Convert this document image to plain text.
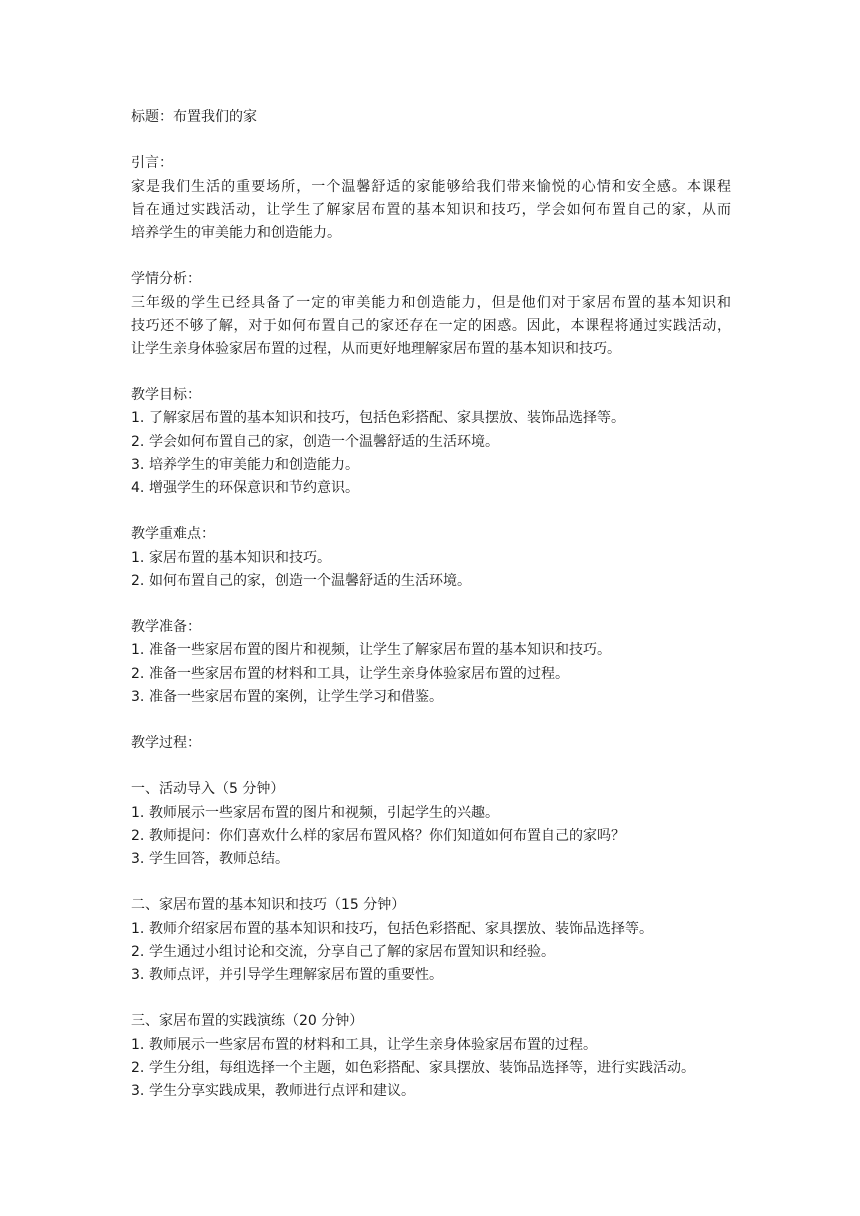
标题：布置我们的家
引言：
家是我们生活的重要场所，一个温馨舒适的家能够给我们带来愉悦的心情和安全感。本课程
旨在通过实践活动，让学生了解家居布置的基本知识和技巧，学会如何布置自己的家，从而
培养学生的审美能力和创造能力。
学情分析：
三年级的学生已经具备了一定的审美能力和创造能力，但是他们对于家居布置的基本知识和
技巧还不够了解，对于如何布置自己的家还存在一定的困惑。因此，本课程将通过实践活动，
让学生亲身体验家居布置的过程，从而更好地理解家居布置的基本知识和技巧。
教学目标：
1. 了解家居布置的基本知识和技巧，包括色彩搭配、家具摆放、装饰品选择等。
2. 学会如何布置自己的家，创造一个温馨舒适的生活环境。
3. 培养学生的审美能力和创造能力。
4. 增强学生的环保意识和节约意识。
教学重难点：
1. 家居布置的基本知识和技巧。
2. 如何布置自己的家，创造一个温馨舒适的生活环境。
教学准备：
1. 准备一些家居布置的图片和视频，让学生了解家居布置的基本知识和技巧。
2. 准备一些家居布置的材料和工具，让学生亲身体验家居布置的过程。
3. 准备一些家居布置的案例，让学生学习和借鉴。
教学过程：
一、活动导入（5 分钟）
1. 教师展示一些家居布置的图片和视频，引起学生的兴趣。
2. 教师提问：你们喜欢什么样的家居布置风格？你们知道如何布置自己的家吗？
3. 学生回答，教师总结。
二、家居布置的基本知识和技巧（15 分钟）
1. 教师介绍家居布置的基本知识和技巧，包括色彩搭配、家具摆放、装饰品选择等。
2. 学生通过小组讨论和交流，分享自己了解的家居布置知识和经验。
3. 教师点评，并引导学生理解家居布置的重要性。
三、家居布置的实践演练（20 分钟）
1. 教师展示一些家居布置的材料和工具，让学生亲身体验家居布置的过程。
2. 学生分组，每组选择一个主题，如色彩搭配、家具摆放、装饰品选择等，进行实践活动。
3. 学生分享实践成果，教师进行点评和建议。
